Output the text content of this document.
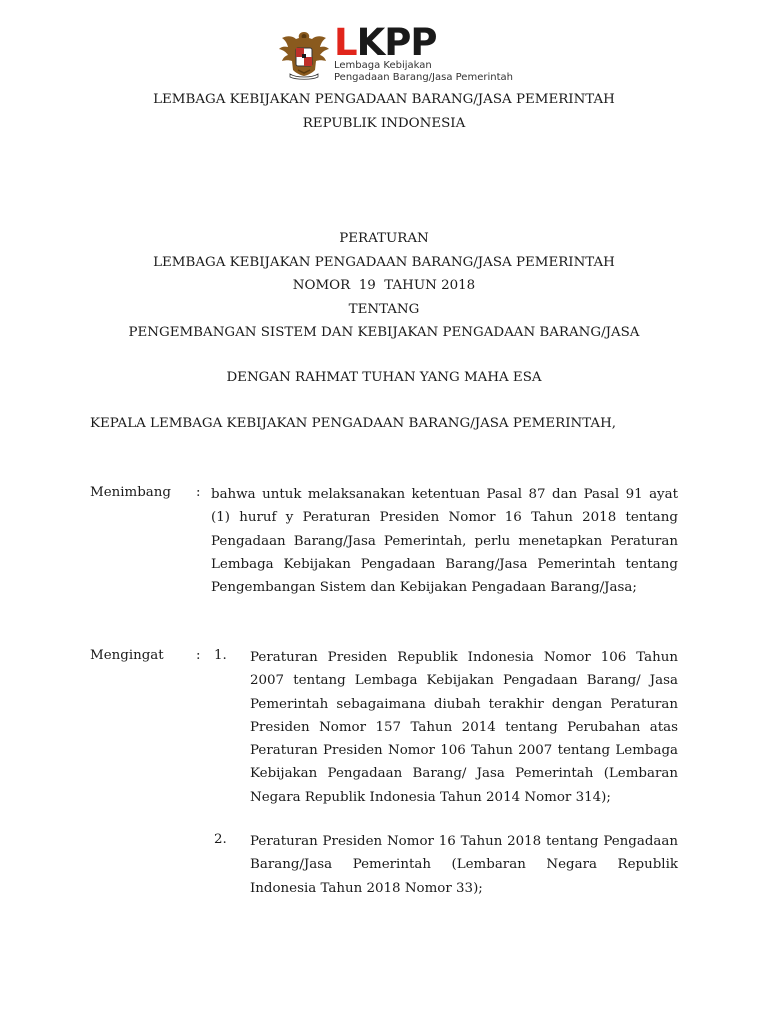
LKPP
Lembaga Kebijakan
Pengadaan Barang/Jasa Pemerintah
LEMBAGA KEBIJAKAN PENGADAAN BARANG/JASA PEMERINTAH
REPUBLIK INDONESIA
PERATURAN
LEMBAGA KEBIJAKAN PENGADAAN BARANG/JASA PEMERINTAH
NOMOR  19  TAHUN 2018
TENTANG
PENGEMBANGAN SISTEM DAN KEBIJAKAN PENGADAAN BARANG/JASA
DENGAN RAHMAT TUHAN YANG MAHA ESA
KEPALA LEMBAGA KEBIJAKAN PENGADAAN BARANG/JASA PEMERINTAH,
Menimbang : bahwa untuk melaksanakan ketentuan Pasal 87 dan Pasal 91 ayat (1) huruf y Peraturan Presiden Nomor 16 Tahun 2018 tentang Pengadaan Barang/Jasa Pemerintah, perlu menetapkan Peraturan Lembaga Kebijakan Pengadaan Barang/Jasa Pemerintah tentang Pengembangan Sistem dan Kebijakan Pengadaan Barang/Jasa;
Mengingat : 1. Peraturan Presiden Republik Indonesia Nomor 106 Tahun 2007 tentang Lembaga Kebijakan Pengadaan Barang/ Jasa Pemerintah sebagaimana diubah terakhir dengan Peraturan Presiden Nomor 157 Tahun 2014 tentang Perubahan atas Peraturan Presiden Nomor 106 Tahun 2007 tentang Lembaga Kebijakan Pengadaan Barang/ Jasa Pemerintah (Lembaran Negara Republik Indonesia Tahun 2014 Nomor 314);
2. Peraturan Presiden Nomor 16 Tahun 2018 tentang Pengadaan Barang/Jasa Pemerintah (Lembaran Negara Republik Indonesia Tahun 2018 Nomor 33);
